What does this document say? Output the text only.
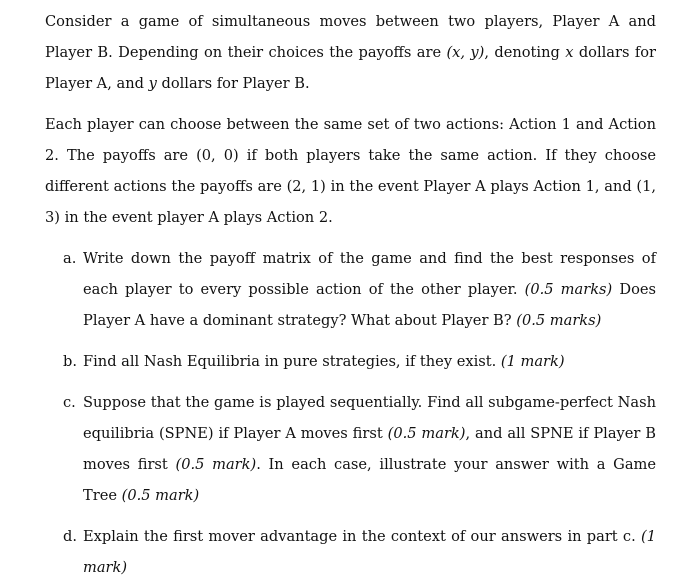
Consider a game of simultaneous moves between two players, Player A and Player B. Depending on their choices the payoffs are (x, y), denoting x dollars for Player A, and y dollars for Player B.

Each player can choose between the same set of two actions: Action 1 and Action 2. The payoffs are (0, 0) if both players take the same action. If they choose different actions the payoffs are (2, 1) in the event Player A plays Action 1, and (1, 3) in the event player A plays Action 2.

a. Write down the payoff matrix of the game and find the best responses of each player to every possible action of the other player. (0.5 marks) Does Player A have a dominant strategy? What about Player B? (0.5 marks)
b. Find all Nash Equilibria in pure strategies, if they exist. (1 mark)
c. Suppose that the game is played sequentially. Find all subgame-perfect Nash equilibria (SPNE) if Player A moves first (0.5 mark), and all SPNE if Player B moves first (0.5 mark). In each case, illustrate your answer with a Game Tree (0.5 mark)
d. Explain the first mover advantage in the context of our answers in part c. (1 mark)
